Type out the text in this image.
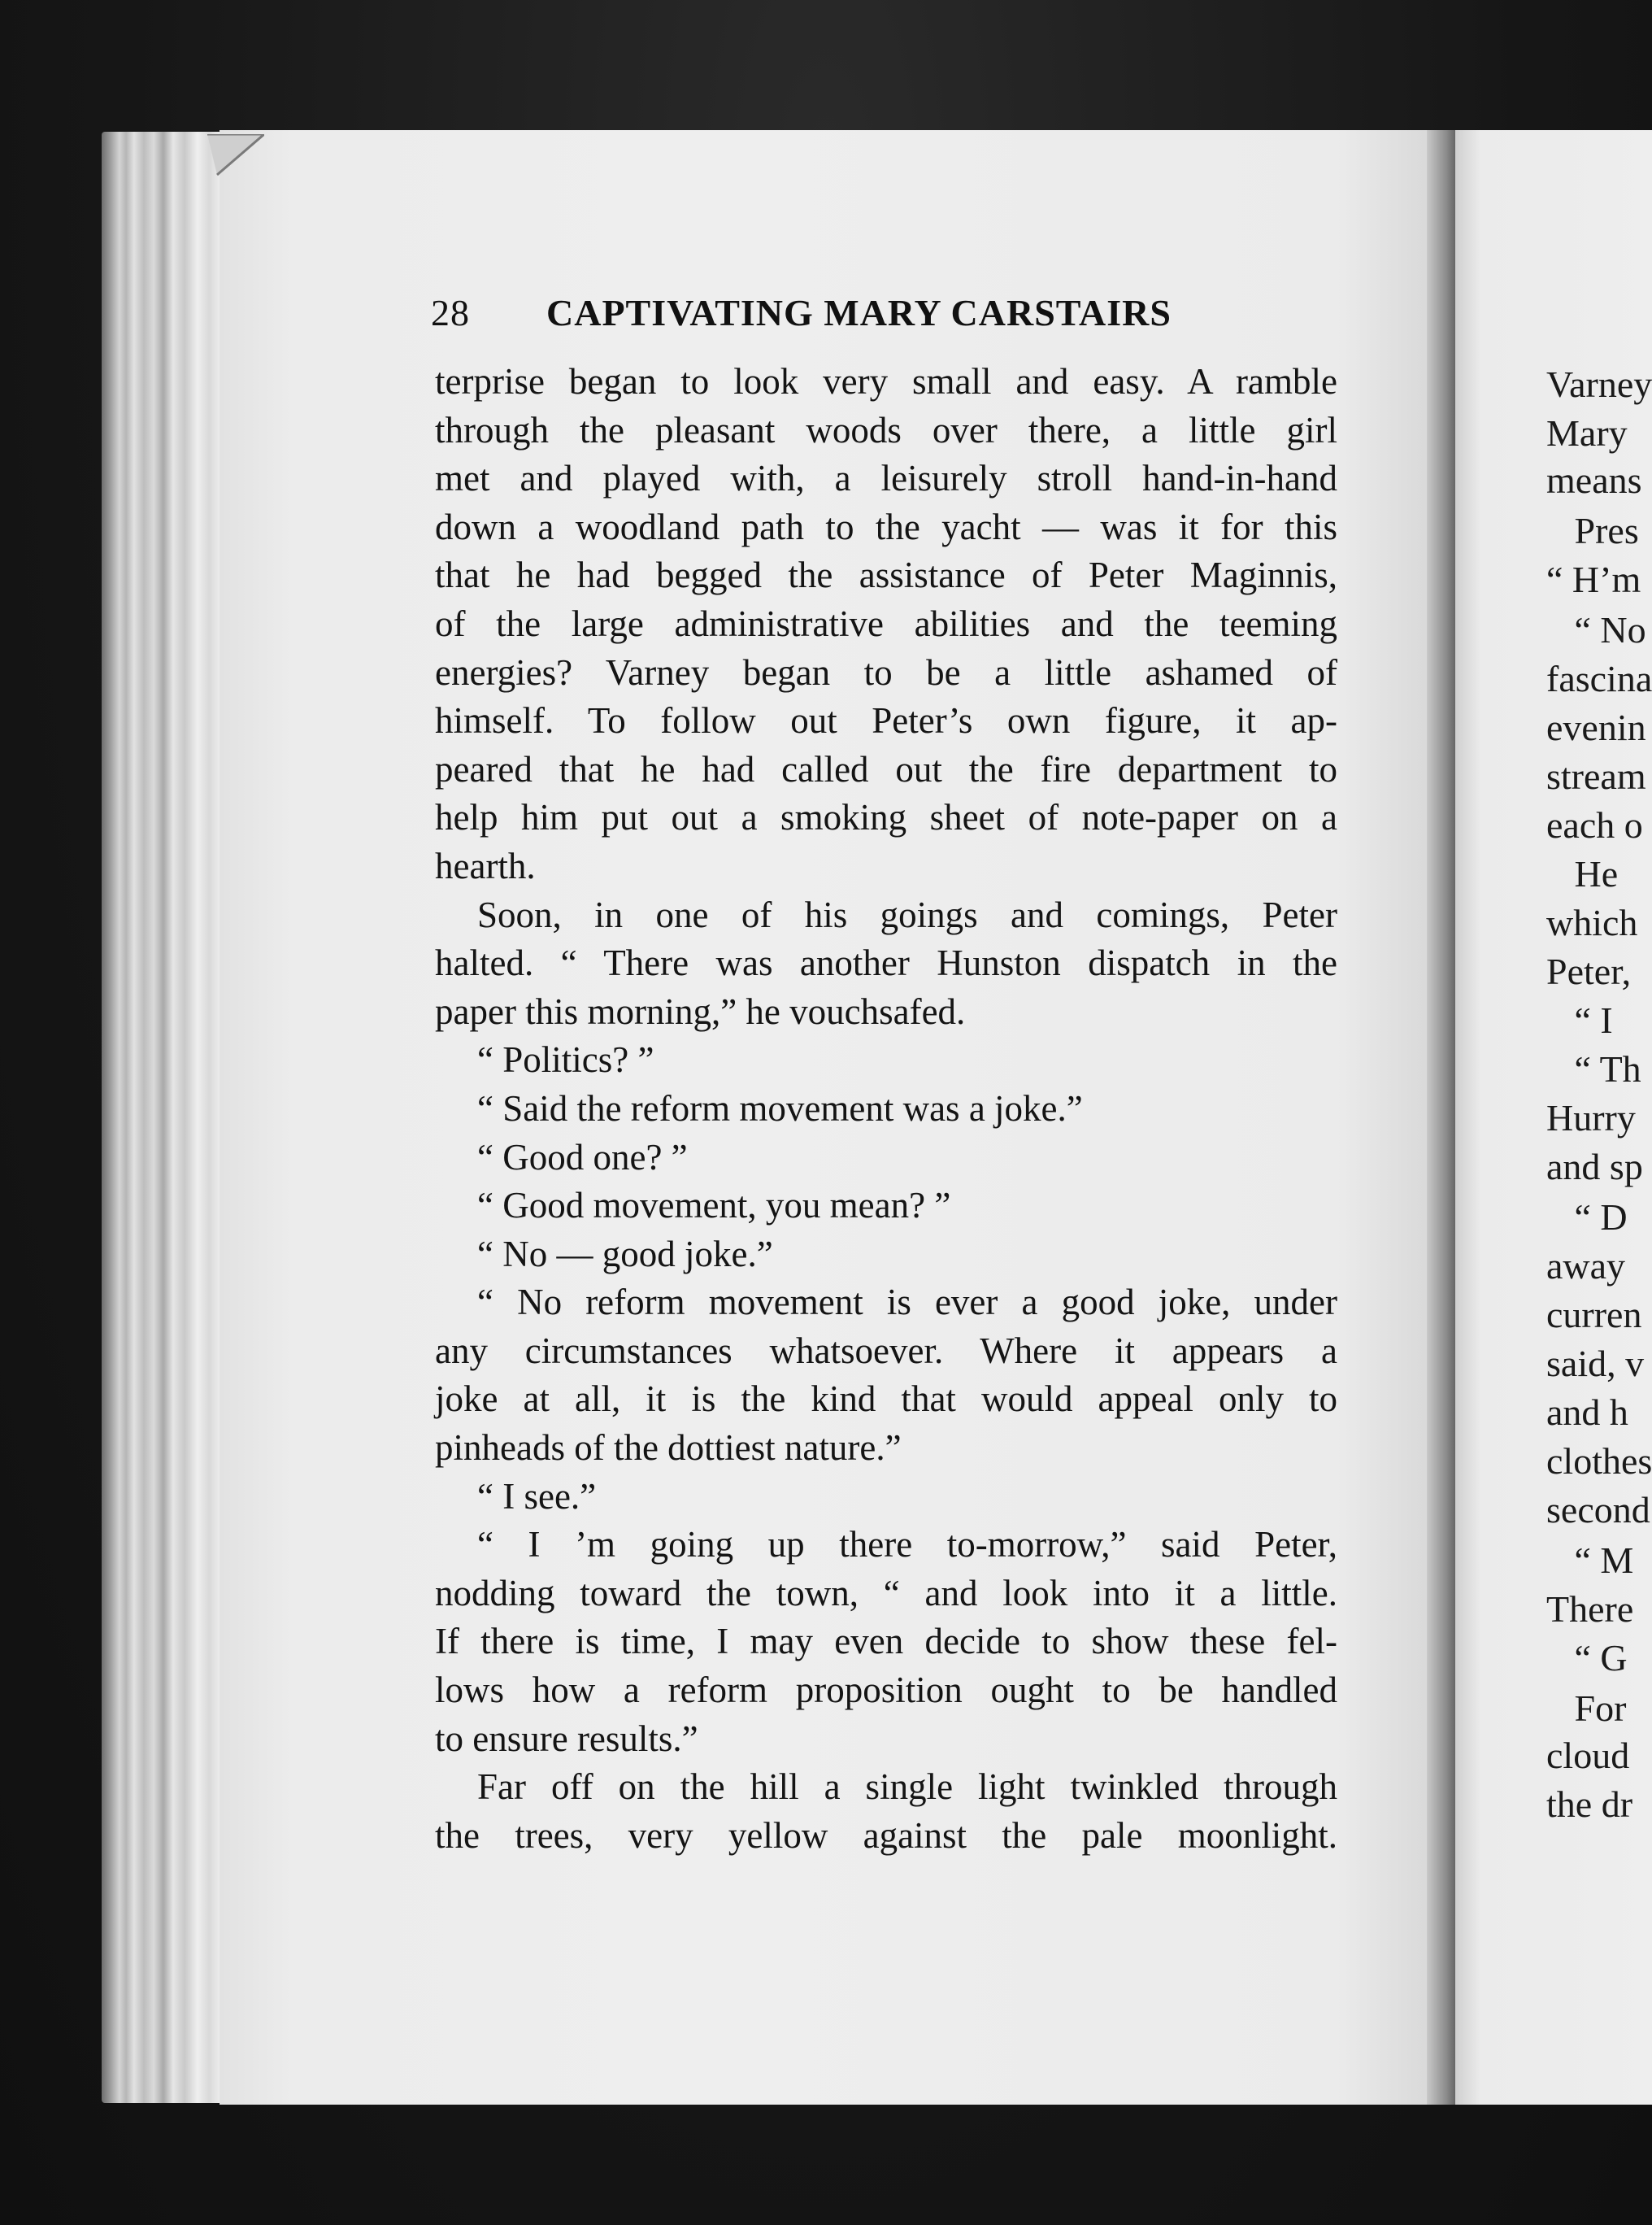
Varney
Mary
means
Pres
“ H’m
“ No
fascina
evenin
stream
each o
He
which
Peter,
“ I
“ Th
Hurry
and sp
“ D
away
curren
said, v
and h
clothes
second
“ M
There
“ G
For
cloud
the dr
28 CAPTIVATING MARY CARSTAIRS
terprise began to look very small and easy. A ramble
through the pleasant woods over there, a little girl
met and played with, a leisurely stroll hand-in-hand
down a woodland path to the yacht — was it for this
that he had begged the assistance of Peter Maginnis,
of the large administrative abilities and the teeming
energies? Varney began to be a little ashamed of
himself. To follow out Peter’s own figure, it ap-
peared that he had called out the fire department to
help him put out a smoking sheet of note-paper on a
hearth.
Soon, in one of his goings and comings, Peter
halted. “ There was another Hunston dispatch in the
paper this morning,” he vouchsafed.
“ Politics? ”
“ Said the reform movement was a joke.”
“ Good one? ”
“ Good movement, you mean? ”
“ No — good joke.”
“ No reform movement is ever a good joke, under
any circumstances whatsoever. Where it appears a
joke at all, it is the kind that would appeal only to
pinheads of the dottiest nature.”
“ I see.”
“ I ’m going up there to-morrow,” said Peter,
nodding toward the town, “ and look into it a little.
If there is time, I may even decide to show these fel-
lows how a reform proposition ought to be handled
to ensure results.”
Far off on the hill a single light twinkled through
the trees, very yellow against the pale moonlight.
